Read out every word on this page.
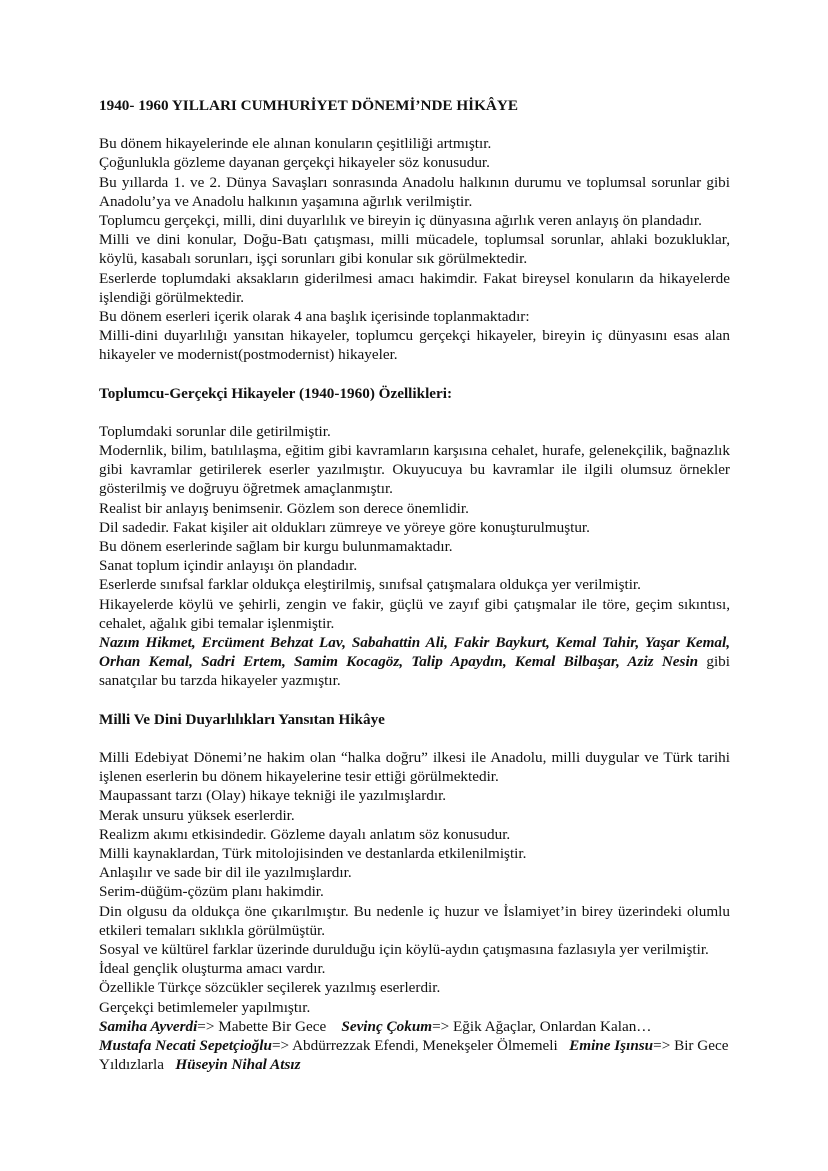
1940- 1960 YILLARI CUMHURİYET DÖNEMİ’NDE HİKÂYE

Bu dönem hikayelerinde ele alınan konuların çeşitliliği artmıştır.

Çoğunlukla gözleme dayanan gerçekçi hikayeler söz konusudur.

Bu yıllarda 1. ve 2. Dünya Savaşları sonrasında Anadolu halkının durumu ve toplumsal sorunlar gibi Anadolu’ya ve Anadolu halkının yaşamına ağırlık verilmiştir.

Toplumcu gerçekçi, milli, dini duyarlılık ve bireyin iç dünyasına ağırlık veren anlayış ön plandadır.

Milli ve dini konular, Doğu-Batı çatışması, milli mücadele, toplumsal sorunlar, ahlaki bozukluklar, köylü, kasabalı sorunları, işçi sorunları gibi konular sık görülmektedir.

Eserlerde toplumdaki aksakların giderilmesi amacı hakimdir. Fakat bireysel konuların da hikayelerde işlendiği görülmektedir.

Bu dönem eserleri içerik olarak 4 ana başlık içerisinde toplanmaktadır:

Milli-dini duyarlılığı yansıtan hikayeler, toplumcu gerçekçi hikayeler, bireyin iç dünyasını esas alan hikayeler ve modernist(postmodernist) hikayeler.

Toplumcu-Gerçekçi Hikayeler (1940-1960) Özellikleri:

Toplumdaki sorunlar dile getirilmiştir.

Modernlik, bilim, batılılaşma, eğitim gibi kavramların karşısına cehalet, hurafe, gelenekçilik, bağnazlık gibi kavramlar getirilerek eserler yazılmıştır. Okuyucuya bu kavramlar ile ilgili olumsuz örnekler gösterilmiş ve doğruyu öğretmek amaçlanmıştır.

Realist bir anlayış benimsenir. Gözlem son derece önemlidir.

Dil sadedir. Fakat kişiler ait oldukları zümreye ve yöreye göre konuşturulmuştur.

Bu dönem eserlerinde sağlam bir kurgu bulunmamaktadır.

Sanat toplum içindir anlayışı ön plandadır.

Eserlerde sınıfsal farklar oldukça eleştirilmiş, sınıfsal çatışmalara oldukça yer verilmiştir.

Hikayelerde köylü ve şehirli, zengin ve fakir, güçlü ve zayıf gibi çatışmalar ile töre, geçim sıkıntısı, cehalet, ağalık gibi temalar işlenmiştir.

Nazım Hikmet, Ercüment Behzat Lav, Sabahattin Ali, Fakir Baykurt, Kemal Tahir, Yaşar Kemal, Orhan Kemal, Sadri Ertem, Samim Kocagöz, Talip Apaydın, Kemal Bilbaşar, Aziz Nesin gibi sanatçılar bu tarzda hikayeler yazmıştır.

Milli Ve Dini Duyarlılıkları Yansıtan Hikâye

Milli Edebiyat Dönemi’ne hakim olan “halka doğru” ilkesi ile Anadolu, milli duygular ve Türk tarihi işlenen eserlerin bu dönem hikayelerine tesir ettiği görülmektedir.

Maupassant tarzı (Olay) hikaye tekniği ile yazılmışlardır.

Merak unsuru yüksek eserlerdir.

Realizm akımı etkisindedir. Gözleme dayalı anlatım söz konusudur.

Milli kaynaklardan, Türk mitolojisinden ve destanlarda etkilenilmiştir.

Anlaşılır ve sade bir dil ile yazılmışlardır.

Serim-düğüm-çözüm planı hakimdir.

Din olgusu da oldukça öne çıkarılmıştır. Bu nedenle iç huzur ve İslamiyet’in birey üzerindeki olumlu etkileri temaları sıklıkla görülmüştür.

Sosyal ve kültürel farklar üzerinde durulduğu için köylü-aydın çatışmasına fazlasıyla yer verilmiştir.

İdeal gençlik oluşturma amacı vardır.

Özellikle Türkçe sözcükler seçilerek yazılmış eserlerdir.

Gerçekçi betimlemeler yapılmıştır.

Samiha Ayverdi=> Mabette Bir Gece Sevinç Çokum=> Eğik Ağaçlar, Onlardan Kalan…

Mustafa Necati Sepetçioğlu=> Abdürrezzak Efendi, Menekşeler Ölmemeli Emine Işınsu=> Bir Gece Yıldızlarla Hüseyin Nihal Atsız
